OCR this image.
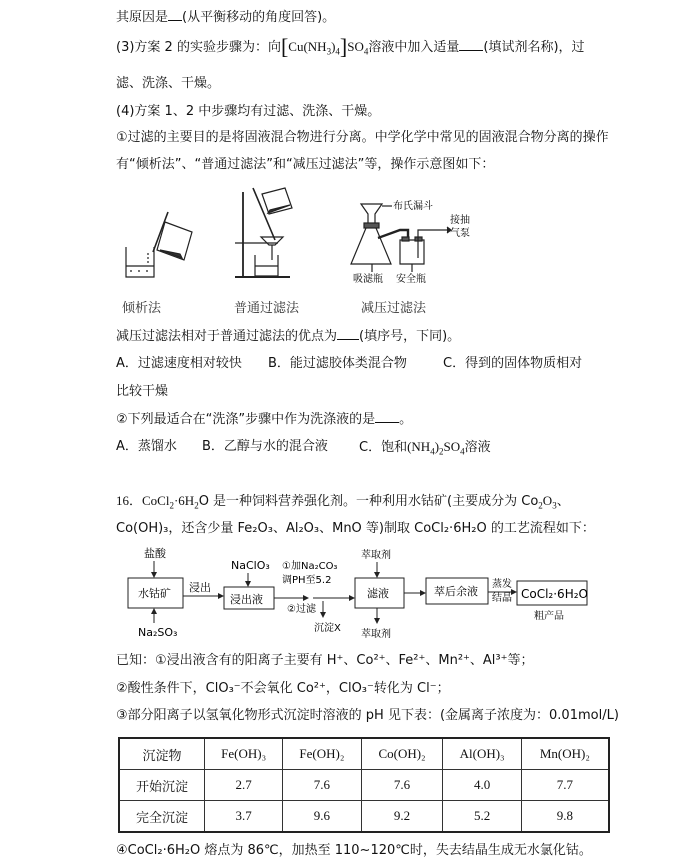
其原因是 (从平衡移动的角度回答)。
(3)方案 2 的实验步骤为：向$[Cu(NH_3)_4]SO_4$溶液中加入适量 (填试剂名称)，过
滤、洗涤、干燥。
(4)方案 1、2 中步骤均有过滤、洗涤、干燥。
①过滤的主要目的是将固液混合物进行分离。中学化学中常见的固液混合物分离的操作
有“倾析法”、“普通过滤法”和“减压过滤法”等，操作示意图如下：
布氏漏斗
接抽
气泵
吸滤瓶 安全瓶
倾析法	普通过滤法	减压过滤法
减压过滤法相对于普通过滤法的优点为 (填序号，下同)。
A．过滤速度相对较快 B．能过滤胶体类混合物	C．得到的固体物质相对
比较干燥
②下列最适合在“洗涤”步骤中作为洗涤液的是 。
A．蒸馏水 B．乙醇与水的混合液 C．饱和$(NH_4)_2SO_4$溶液
16．$CoCl_2\cdot 6H_2O$ 是一种饲料营养强化剂。一种利用水钴矿(主要成分为 $Co_2O_3$、
Co(OH)₃，还含少量 Fe₂O₃、Al₂O₃、MnO 等)制取 CoCl₂·6H₂O 的工艺流程如下：
盐酸
水钴矿
Na₂SO₃
浸出
NaClO₃
浸出液
①加Na₂CO₃
调PH至5.2
②过滤
沉淀X
萃取剂
滤液
萃取剂
萃后余液
蒸发
结晶 CoCl₂·6H₂O
粗产品
已知：①浸出液含有的阳离子主要有 H⁺、Co²⁺、Fe²⁺、Mn²⁺、Al³⁺等；
②酸性条件下，ClO₃⁻不会氧化 Co²⁺，ClO₃⁻转化为 Cl⁻；
③部分阳离子以氢氧化物形式沉淀时溶液的 pH 见下表：(金属离子浓度为：0.01mol/L)
沉淀物	Fe(OH)₃	Fe(OH)₂	Co(OH)₂	Al(OH)₃	Mn(OH)₂
开始沉淀	2.7	7.6	7.6	4.0	7.7
完全沉淀	3.7	9.6	9.2	5.2	9.8
④CoCl₂·6H₂O 熔点为 86℃，加热至 110~120℃时，失去结晶生成无水氯化钴。
